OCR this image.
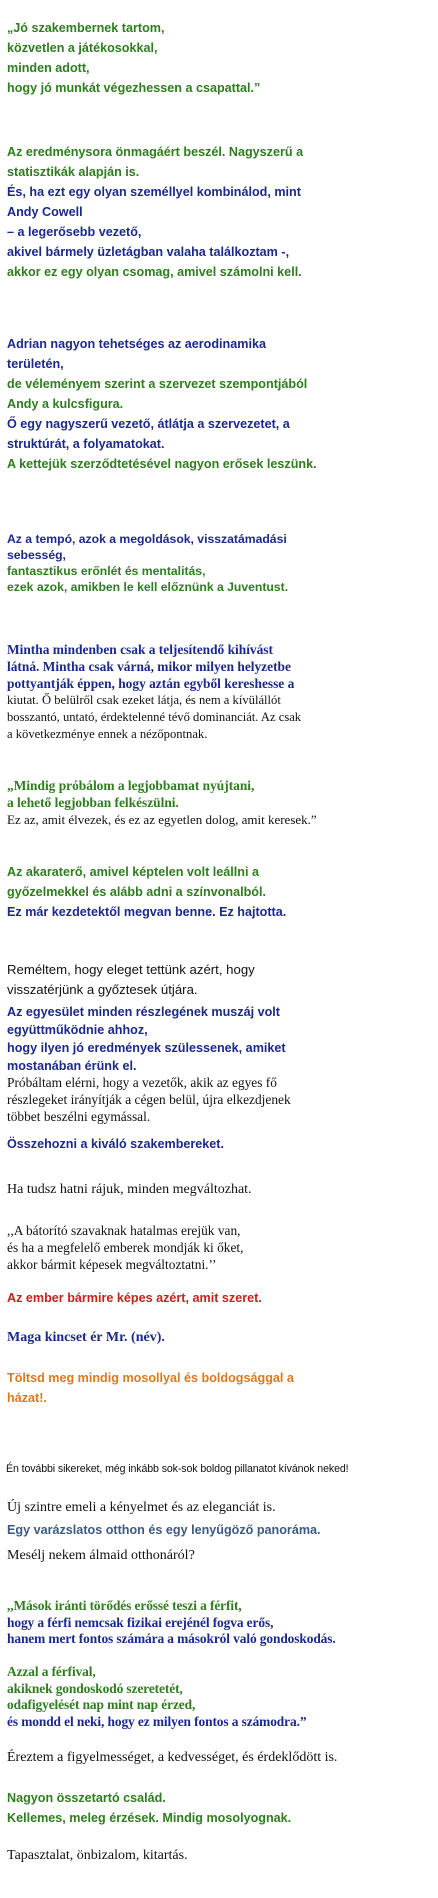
„Jó szakembernek tartom,
közvetlen a játékosokkal,
minden adott,
hogy jó munkát végezhessen a csapattal.”
Az eredménysora önmagáért beszél. Nagyszerű a
statisztikák alapján is.
És, ha ezt egy olyan személlyel kombinálod, mint
Andy Cowell
– a legerősebb vezető,
akivel bármely üzletágban valaha találkoztam -,
akkor ez egy olyan csomag, amivel számolni kell.
Adrian nagyon tehetséges az aerodinamika
területén,
de véleményem szerint a szervezet szempontjából
Andy a kulcsfigura.
Ő egy nagyszerű vezető, átlátja a szervezetet, a
struktúrát, a folyamatokat.
A kettejük szerződtetésével nagyon erősek leszünk.
Az a tempó, azok a megoldások, visszatámadási
sebesség,
fantasztikus erőnlét és mentalitás,
ezek azok, amikben le kell előznünk a Juventust.
Mintha mindenben csak a teljesítendő kihívást
látná. Mintha csak várná, mikor milyen helyzetbe
pottyantják éppen, hogy aztán egyből kereshesse a
kiutat. Ő belülről csak ezeket látja, és nem a kívülállót
bosszantó, untató, érdektelenné tévő dominanciát. Az csak
a következménye ennek a nézőpontnak.
„Mindig próbálom a legjobbamat nyújtani,
a lehető legjobban felkészülni.
Ez az, amit élvezek, és ez az egyetlen dolog, amit keresek.”
Az akaraterő, amivel képtelen volt leállni a
győzelmekkel és alább adni a színvonalból.
Ez már kezdetektől megvan benne. Ez hajtotta.
Reméltem, hogy eleget tettünk azért, hogy
visszatérjünk a győztesek útjára.
Az egyesület minden részlegének muszáj volt
együttműködnie ahhoz,
hogy ilyen jó eredmények szülessenek, amiket
mostanában érünk el.
Próbáltam elérni, hogy a vezetők, akik az egyes fő
részlegeket irányítják a cégen belül, újra elkezdjenek
többet beszélni egymással.
Összehozni a kiváló szakembereket.
Ha tudsz hatni rájuk, minden megváltozhat.
,,A bátorító szavaknak hatalmas erejük van,
és ha a megfelelő emberek mondják ki őket,
akkor bármit képesek megváltoztatni.’’
Az ember bármire képes azért, amit szeret.
Maga kincset ér Mr. (név).
Töltsd meg mindig mosollyal és boldogsággal a
házat!.
Én további sikereket, még inkább sok-sok boldog pillanatot kívánok neked!
Új szintre emeli a kényelmet és az eleganciát is.
Egy varázslatos otthon és egy lenyűgöző panoráma.
Mesélj nekem álmaid otthonáról?
,,Mások iránti törődés erőssé teszi a férfit,
hogy a férfi nemcsak fizikai erejénél fogva erős,
hanem mert fontos számára a másokról való gondoskodás.
Azzal a férfival,
akiknek gondoskodó szeretetét,
odafigyelését nap mint nap érzed,
és mondd el neki, hogy ez milyen fontos a számodra.”
Éreztem a figyelmességet, a kedvességet, és érdeklődött is.
Nagyon összetartó család.
Kellemes, meleg érzések. Mindig mosolyognak.
Tapasztalat, önbizalom, kitartás.
